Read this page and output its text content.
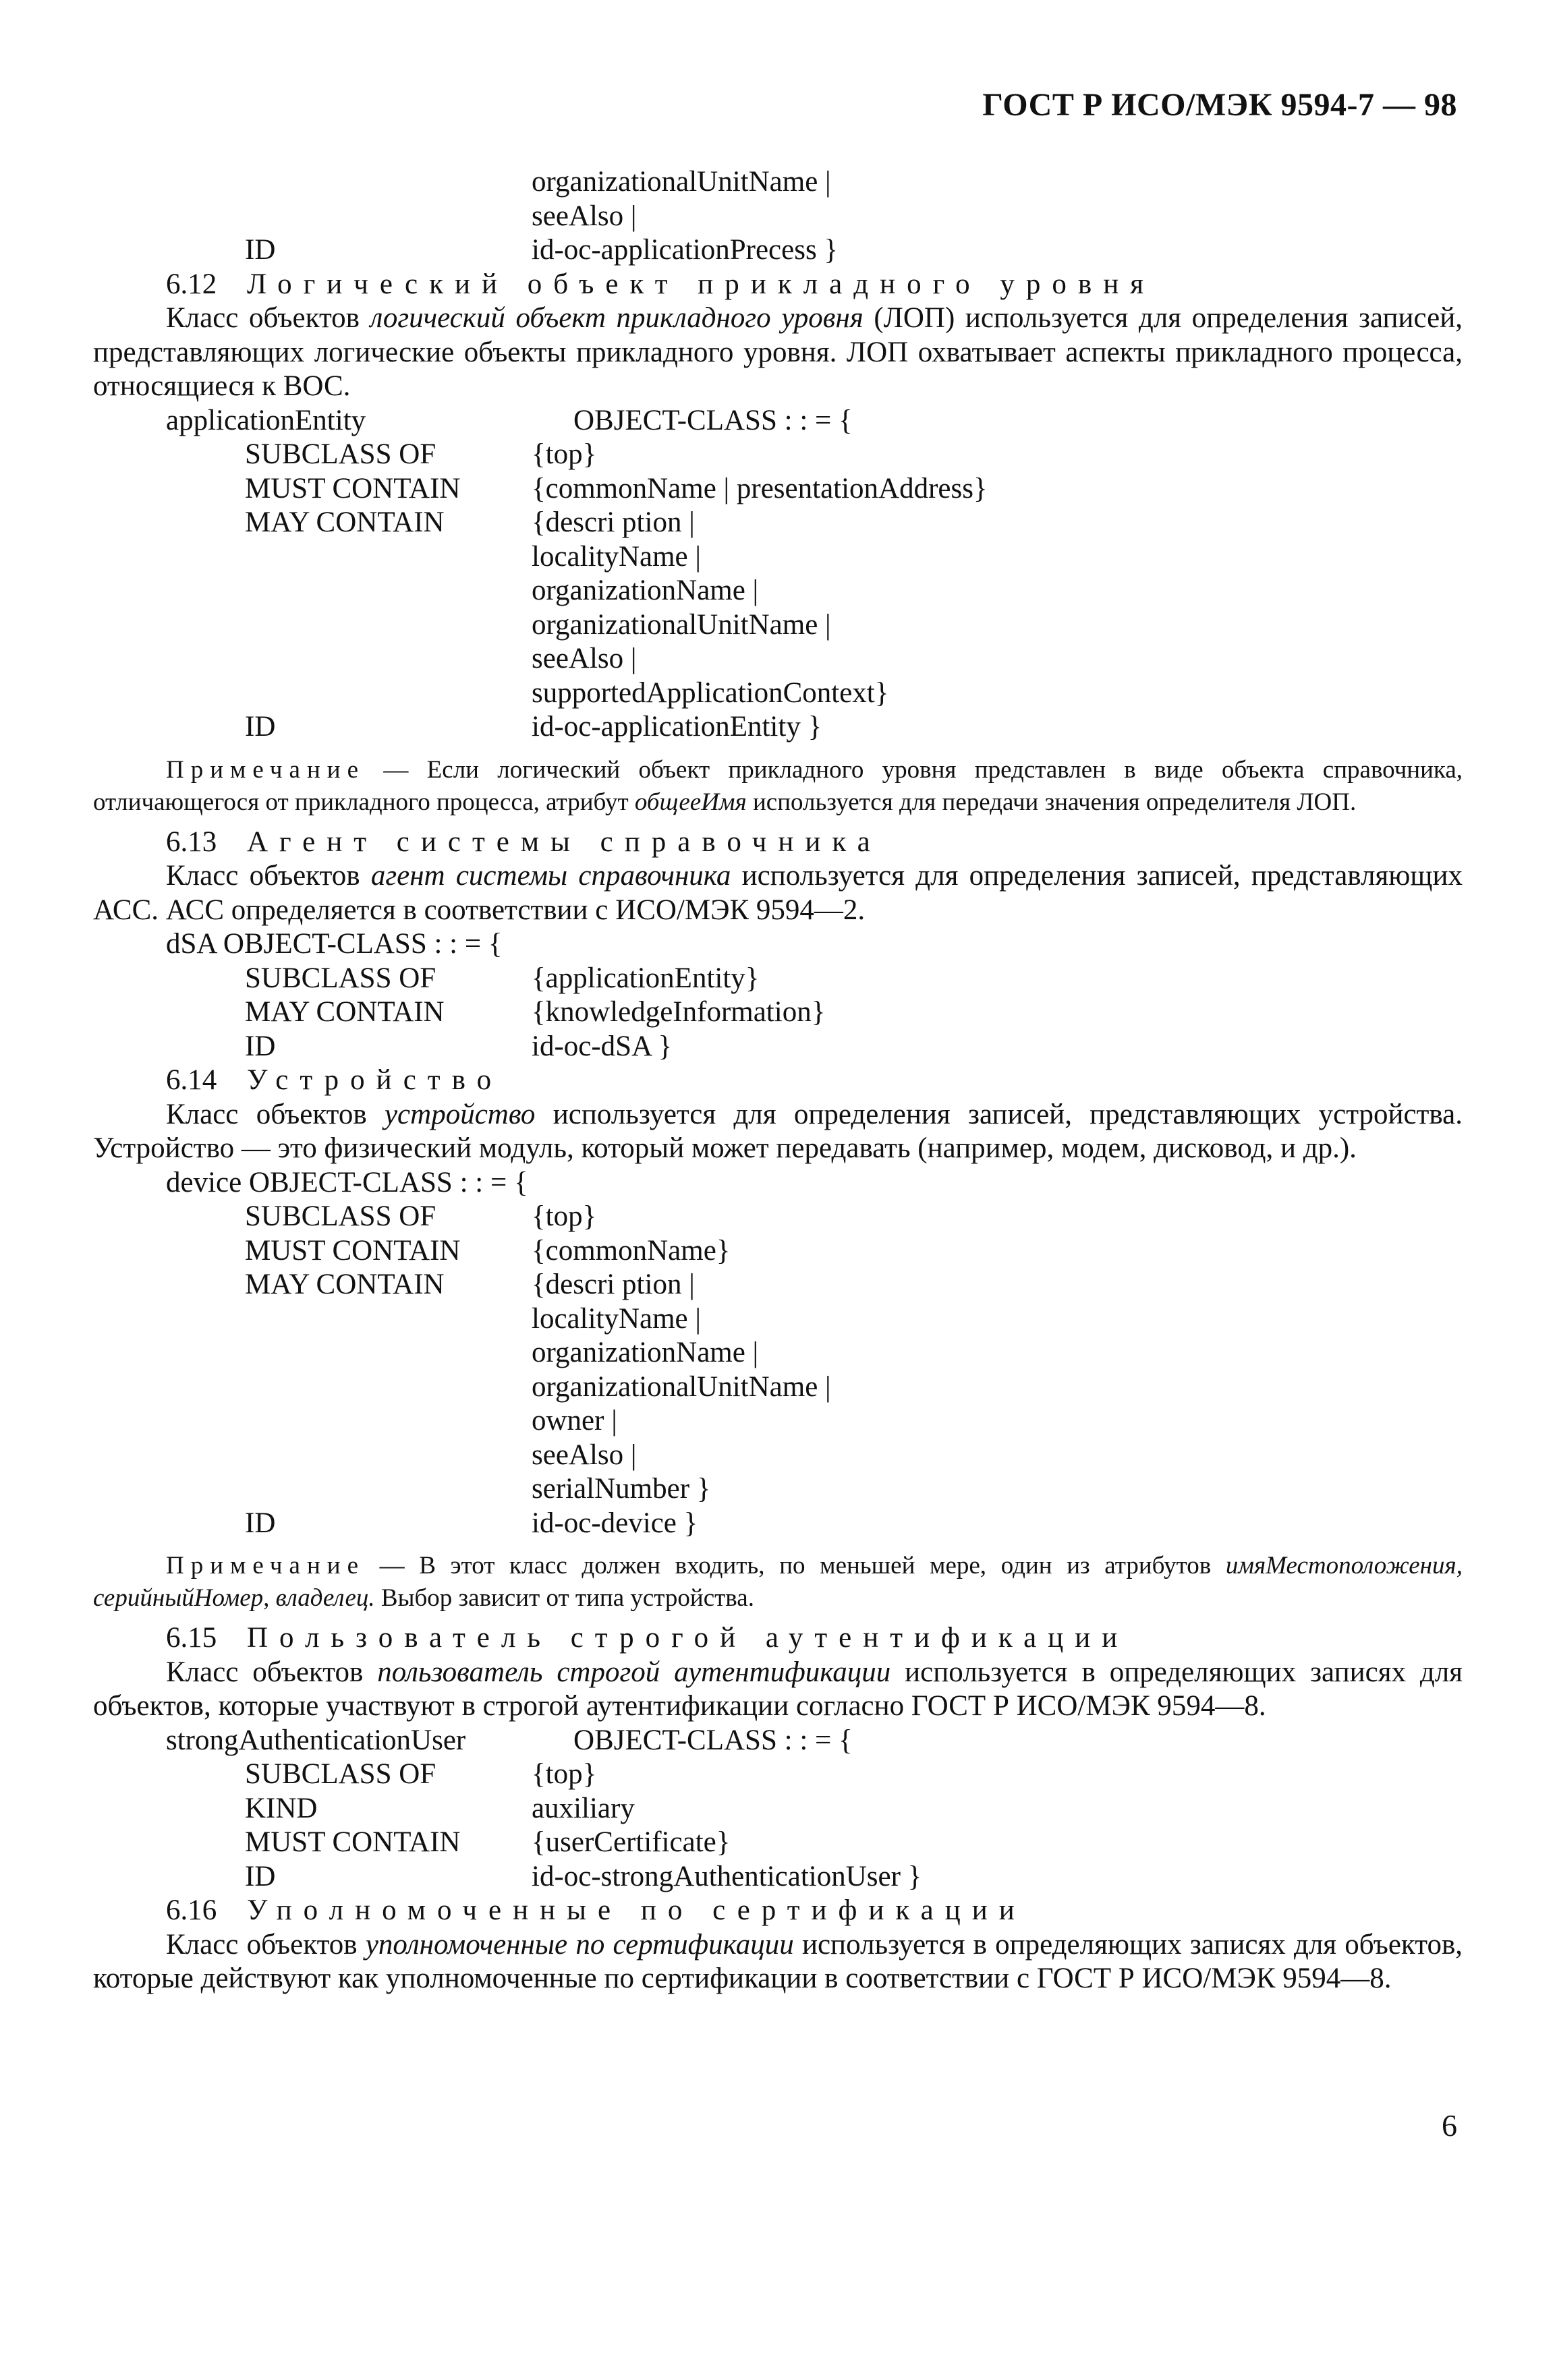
ГОСТ Р ИСО/МЭК 9594-7 — 98
organizationalUnitName |
seeAlso |
ID	id-oc-applicationPrecess }
6.12 Логический объект прикладного уровня
Класс объектов логический объект прикладного уровня (ЛОП) используется для определения записей, представляющих логические объекты прикладного уровня. ЛОП охватывает аспекты прикладного процесса, относящиеся к ВОС.
applicationEntity	OBJECT-CLASS : : = {
SUBCLASS OF	{top}
MUST CONTAIN {commonName | presentationAddress}
MAY CONTAIN	{descri ption |
localityName |
organizationName |
organizationalUnitName |
seeAlso |
supportedApplicationContext}
ID	id-oc-applicationEntity }
Примечание — Если логический объект прикладного уровня представлен в виде объекта справочника, отличающегося от прикладного процесса, атрибут общееИмя используется для передачи значения определителя ЛОП.
6.13 Агент системы справочника
Класс объектов агент системы справочника используется для определения записей, представляющих АСС. АСС определяется в соответствии с ИСО/МЭК 9594—2.
dSA OBJECT-CLASS : : = {
SUBCLASS OF	{applicationEntity}
MAY CONTAIN	{knowledgeInformation}
ID	id-oc-dSA }
6.14 Устройство
Класс объектов устройство используется для определения записей, представляющих устройства. Устройство — это физический модуль, который может передавать (например, модем, дисковод, и др.).
device OBJECT-CLASS : : = {
SUBCLASS OF	{top}
MUST CONTAIN {commonName}
MAY CONTAIN	{descri ption |
localityName |
organizationName |
organizationalUnitName |
owner |
seeAlso |
serialNumber }
ID	id-oc-device }
Примечание — В этот класс должен входить, по меньшей мере, один из атрибутов имяМестоположения, серийныйНомер, владелец. Выбор зависит от типа устройства.
6.15 Пользователь строгой аутентификации
Класс объектов пользователь строгой аутентификации используется в определяющих записях для объектов, которые участвуют в строгой аутентификации согласно ГОСТ Р ИСО/МЭК 9594—8.
strongAuthenticationUser	OBJECT-CLASS : : = {
SUBCLASS OF	{top}
KIND	auxiliary
MUST CONTAIN {userCertificate}
ID	id-oc-strongAuthenticationUser }
6.16 Уполномоченные по сертификации
Класс объектов уполномоченные по сертификации используется в определяющих записях для объектов, которые действуют как уполномоченные по сертификации в соответствии с ГОСТ Р ИСО/МЭК 9594—8.
6
